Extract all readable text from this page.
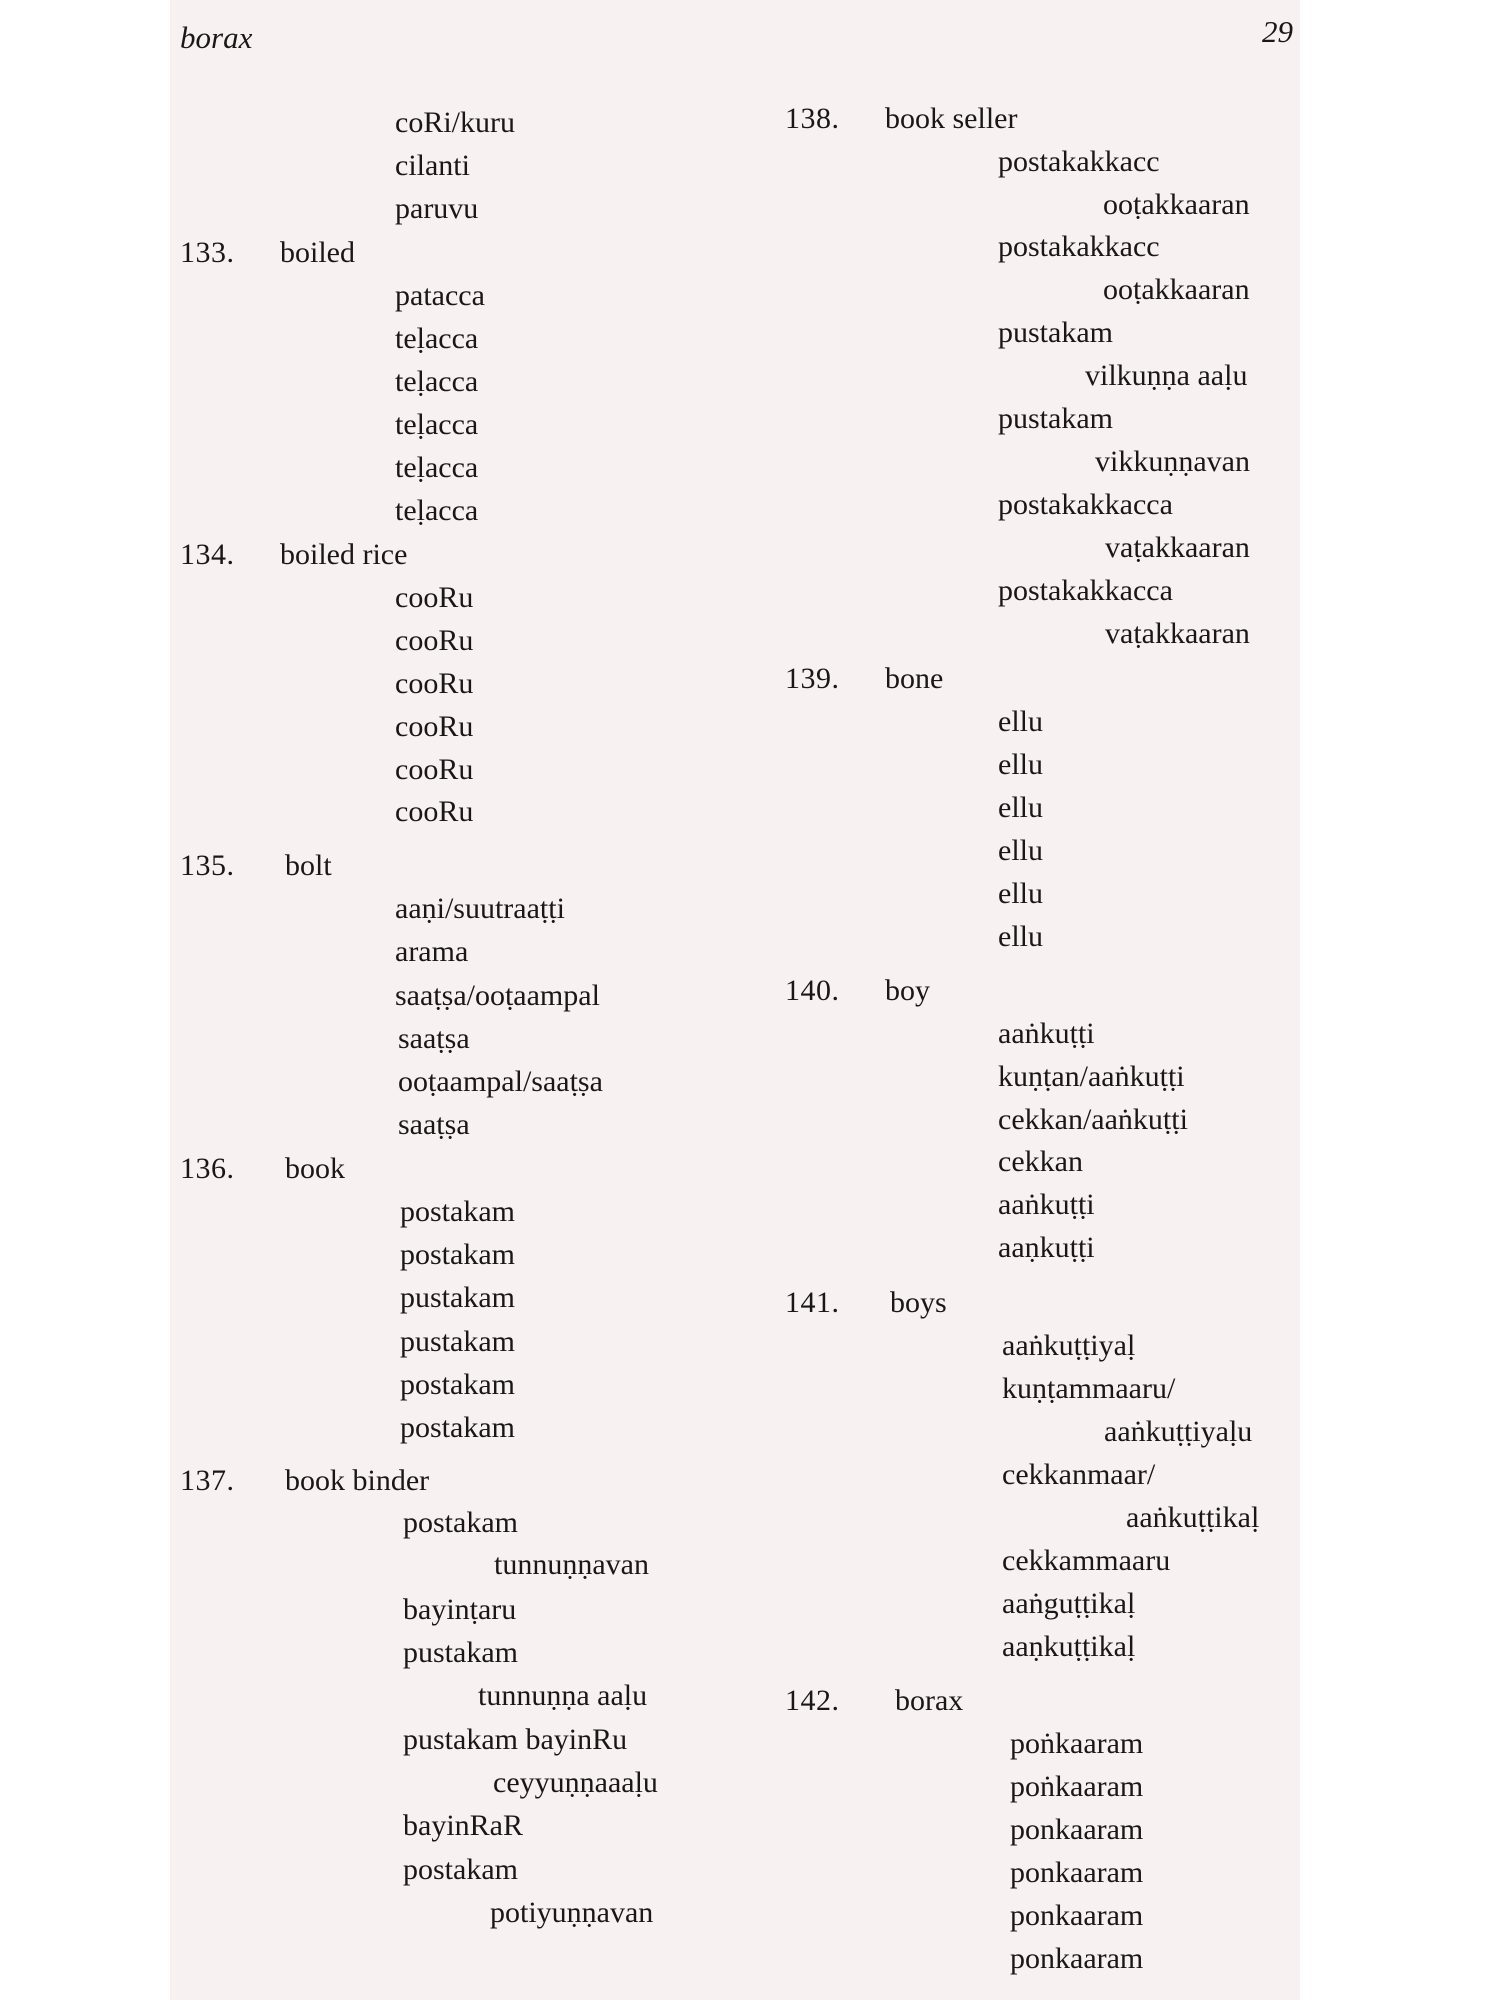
borax	29
coRi/kuru
cilanti
paruvu
133. boiled
patacca
teḷacca
teḷacca
teḷacca
teḷacca
teḷacca
134. boiled rice
cooRu
cooRu
cooRu
cooRu
cooRu
cooRu
135. bolt
aaṇi/suutraaṭṭi
arama
saaṭṣa/ooṭaampal
saaṭṣa
ooṭaampal/saaṭṣa
saaṭṣa
136. book
postakam
postakam
pustakam
pustakam
postakam
postakam
137. book binder
postakam
tunnuṇṇavan
bayinṭaru
pustakam
tunnuṇṇa aaḷu
pustakam bayinRu
ceyyuṇṇaaaḷu
bayinRaR
postakam
potiyuṇṇavan
138. book seller
postakakkacc
ooṭakkaaran
postakakkacc
ooṭakkaaran
pustakam
vilkuṇṇa aaḷu
pustakam
vikkuṇṇavan
postakakkacca
vaṭakkaaran
postakakkacca
vaṭakkaaran
139. bone
ellu
ellu
ellu
ellu
ellu
ellu
140. boy
aaṅkuṭṭi
kuṇṭan/aaṅkuṭṭi
cekkan/aaṅkuṭṭi
cekkan
aaṅkuṭṭi
aaṇkuṭṭi
141. boys
aaṅkuṭṭiyaḷ
kuṇṭammaaru/
aaṅkuṭṭiyaḷu
cekkanmaar/
aaṅkuṭṭikaḷ
cekkammaaru
aaṅguṭṭikaḷ
aaṇkuṭṭikaḷ
142. borax
poṅkaaram
poṅkaaram
ponkaaram
ponkaaram
ponkaaram
ponkaaram
